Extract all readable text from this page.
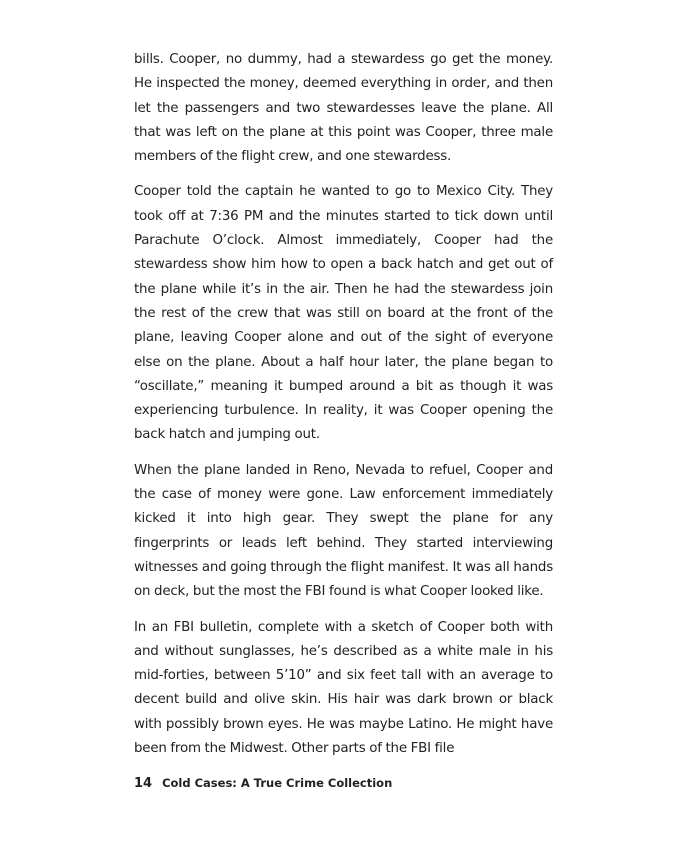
bills. Cooper, no dummy, had a stewardess go get the money. He inspected the money, deemed everything in order, and then let the passengers and two stewardesses leave the plane. All that was left on the plane at this point was Cooper, three male members of the flight crew, and one stewardess.

Cooper told the captain he wanted to go to Mexico City. They took off at 7:36 PM and the minutes started to tick down until Parachute O’clock. Almost immediately, Cooper had the stewardess show him how to open a back hatch and get out of the plane while it’s in the air. Then he had the stewardess join the rest of the crew that was still on board at the front of the plane, leaving Cooper alone and out of the sight of everyone else on the plane. About a half hour later, the plane began to “oscillate,” meaning it bumped around a bit as though it was experiencing turbulence. In reality, it was Cooper opening the back hatch and jumping out.

When the plane landed in Reno, Nevada to refuel, Cooper and the case of money were gone. Law enforcement immediately kicked it into high gear. They swept the plane for any fingerprints or leads left behind. They started interviewing witnesses and going through the flight manifest. It was all hands on deck, but the most the FBI found is what Cooper looked like.

In an FBI bulletin, complete with a sketch of Cooper both with and without sunglasses, he’s described as a white male in his mid-forties, between 5’10” and six feet tall with an average to decent build and olive skin. His hair was dark brown or black with possibly brown eyes. He was maybe Latino. He might have been from the Midwest. Other parts of the FBI file

14 Cold Cases: A True Crime Collection
